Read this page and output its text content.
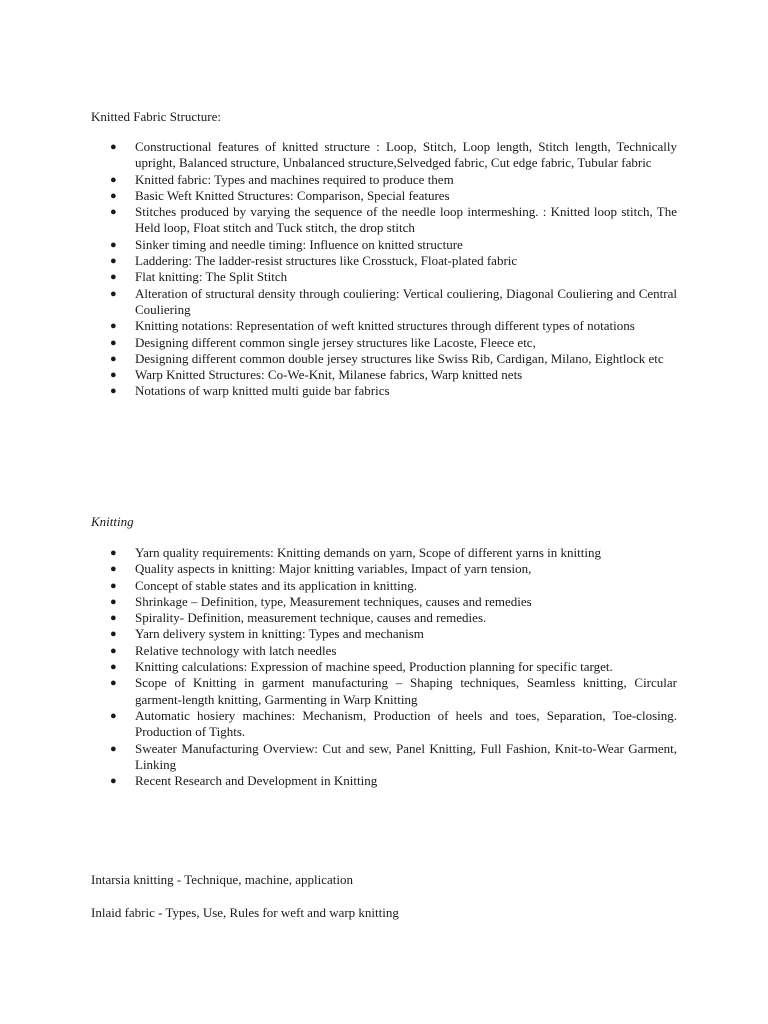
Knitted Fabric Structure:
● Constructional features of knitted structure : Loop, Stitch, Loop length, Stitch length, Technically upright, Balanced structure, Unbalanced structure,Selvedged fabric, Cut edge fabric, Tubular fabric
● Knitted fabric: Types and machines required to produce them
● Basic Weft Knitted Structures: Comparison, Special features
● Stitches produced by varying the sequence of the needle loop intermeshing. : Knitted loop stitch, The Held loop, Float stitch and Tuck stitch, the drop stitch
● Sinker timing and needle timing: Influence on knitted structure
● Laddering: The ladder-resist structures like Crosstuck, Float-plated fabric
● Flat knitting: The Split Stitch
● Alteration of structural density through couliering: Vertical couliering, Diagonal Couliering and Central Couliering
● Knitting notations: Representation of weft knitted structures through different types of notations
● Designing different common single jersey structures like Lacoste, Fleece etc,
● Designing different common double jersey structures like Swiss Rib, Cardigan, Milano, Eightlock etc
● Warp Knitted Structures: Co-We-Knit, Milanese fabrics, Warp knitted nets
● Notations of warp knitted multi guide bar fabrics
Knitting
● Yarn quality requirements: Knitting demands on yarn, Scope of different yarns in knitting
● Quality aspects in knitting: Major knitting variables, Impact of yarn tension,
● Concept of stable states and its application in knitting.
● Shrinkage – Definition, type, Measurement techniques, causes and remedies
● Spirality- Definition, measurement technique, causes and remedies.
● Yarn delivery system in knitting: Types and mechanism
● Relative technology with latch needles
● Knitting calculations: Expression of machine speed, Production planning for specific target.
● Scope of Knitting in garment manufacturing – Shaping techniques, Seamless knitting, Circular garment-length knitting, Garmenting in Warp Knitting
● Automatic hosiery machines: Mechanism, Production of heels and toes, Separation, Toe-closing. Production of Tights.
● Sweater Manufacturing Overview: Cut and sew, Panel Knitting, Full Fashion, Knit-to-Wear Garment, Linking
● Recent Research and Development in Knitting

Intarsia knitting - Technique, machine, application

Inlaid fabric - Types, Use, Rules for weft and warp knitting
